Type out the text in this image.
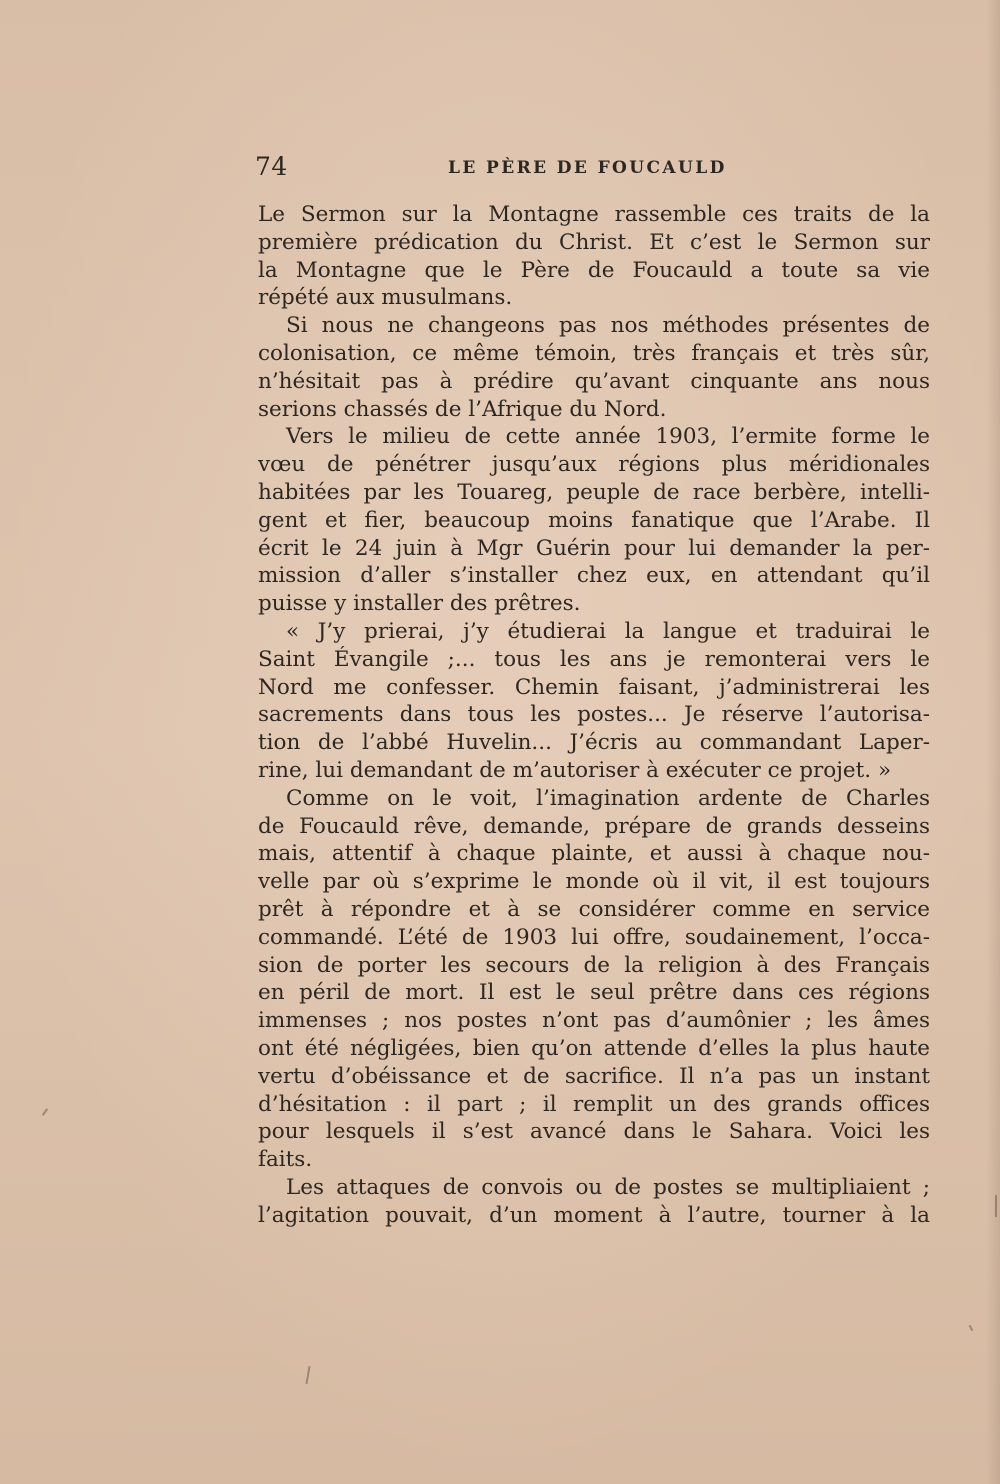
74	LE PÈRE DE FOUCAULD
Le Sermon sur la Montagne rassemble ces traits de la
première prédication du Christ. Et c’est le Sermon sur
la Montagne que le Père de Foucauld a toute sa vie
répété aux musulmans.
Si nous ne changeons pas nos méthodes présentes de
colonisation, ce même témoin, très français et très sûr,
n’hésitait pas à prédire qu’avant cinquante ans nous
serions chassés de l’Afrique du Nord.
Vers le milieu de cette année 1903, l’ermite forme le
vœu de pénétrer jusqu’aux régions plus méridionales
habitées par les Touareg, peuple de race berbère, intelli-
gent et fier, beaucoup moins fanatique que l’Arabe. Il
écrit le 24 juin à Mgr Guérin pour lui demander la per-
mission d’aller s’installer chez eux, en attendant qu’il
puisse y installer des prêtres.
« J’y prierai, j’y étudierai la langue et traduirai le
Saint Évangile ;... tous les ans je remonterai vers le
Nord me confesser. Chemin faisant, j’administrerai les
sacrements dans tous les postes... Je réserve l’autorisa-
tion de l’abbé Huvelin... J’écris au commandant Laper-
rine, lui demandant de m’autoriser à exécuter ce projet. »
Comme on le voit, l’imagination ardente de Charles
de Foucauld rêve, demande, prépare de grands desseins
mais, attentif à chaque plainte, et aussi à chaque nou-
velle par où s’exprime le monde où il vit, il est toujours
prêt à répondre et à se considérer comme en service
commandé. L’été de 1903 lui offre, soudainement, l’occa-
sion de porter les secours de la religion à des Français
en péril de mort. Il est le seul prêtre dans ces régions
immenses ; nos postes n’ont pas d’aumônier ; les âmes
ont été négligées, bien qu’on attende d’elles la plus haute
vertu d’obéissance et de sacrifice. Il n’a pas un instant
d’hésitation : il part ; il remplit un des grands offices
pour lesquels il s’est avancé dans le Sahara. Voici les
faits.
Les attaques de convois ou de postes se multipliaient ;
l’agitation pouvait, d’un moment à l’autre, tourner à la
